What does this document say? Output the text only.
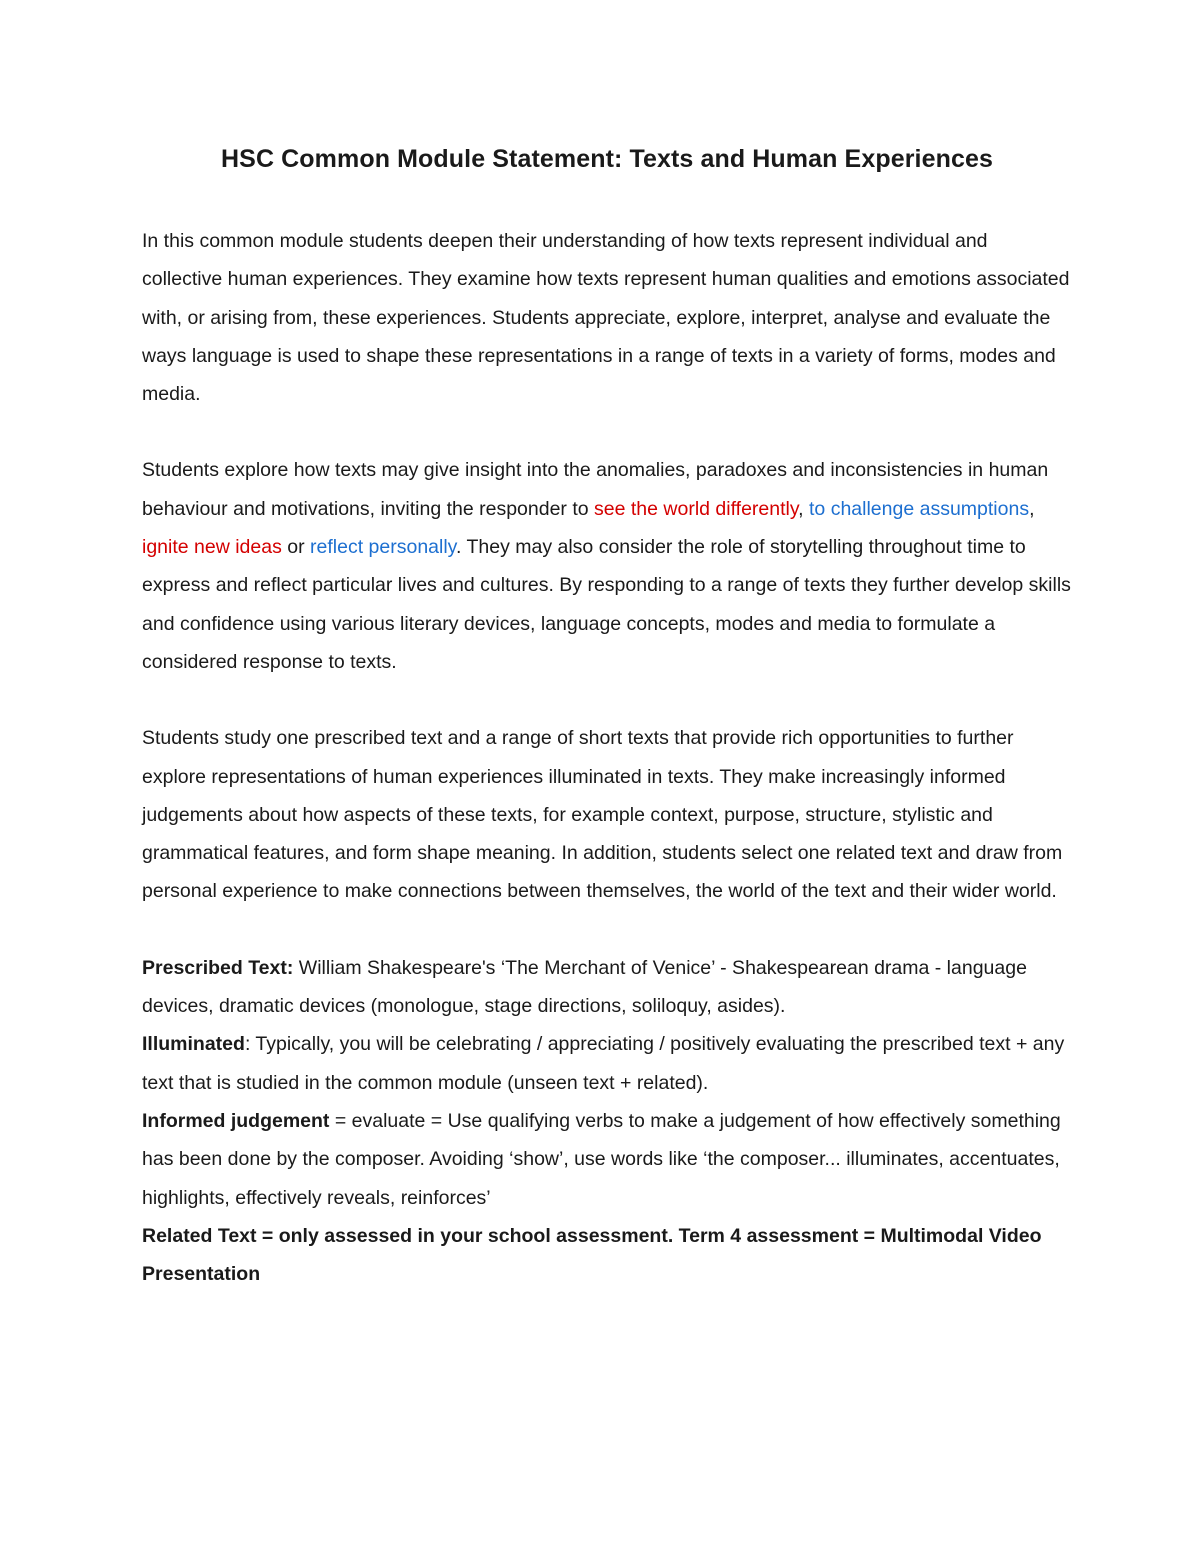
HSC Common Module Statement: Texts and Human Experiences

In this common module students deepen their understanding of how texts represent individual and collective human experiences. They examine how texts represent human qualities and emotions associated with, or arising from, these experiences. Students appreciate, explore, interpret, analyse and evaluate the ways language is used to shape these representations in a range of texts in a variety of forms, modes and media.

Students explore how texts may give insight into the anomalies, paradoxes and inconsistencies in human behaviour and motivations, inviting the responder to see the world differently, to challenge assumptions, ignite new ideas or reflect personally. They may also consider the role of storytelling throughout time to express and reflect particular lives and cultures. By responding to a range of texts they further develop skills and confidence using various literary devices, language concepts, modes and media to formulate a considered response to texts.

Students study one prescribed text and a range of short texts that provide rich opportunities to further explore representations of human experiences illuminated in texts. They make increasingly informed judgements about how aspects of these texts, for example context, purpose, structure, stylistic and grammatical features, and form shape meaning. In addition, students select one related text and draw from personal experience to make connections between themselves, the world of the text and their wider world.

Prescribed Text: William Shakespeare's ‘The Merchant of Venice’ - Shakespearean drama - language devices, dramatic devices (monologue, stage directions, soliloquy, asides).

Illuminated: Typically, you will be celebrating / appreciating / positively evaluating the prescribed text + any text that is studied in the common module (unseen text + related).

Informed judgement = evaluate = Use qualifying verbs to make a judgement of how effectively something has been done by the composer. Avoiding ‘show’, use words like ‘the composer... illuminates, accentuates, highlights, effectively reveals, reinforces’

Related Text = only assessed in your school assessment. Term 4 assessment = Multimodal Video Presentation
